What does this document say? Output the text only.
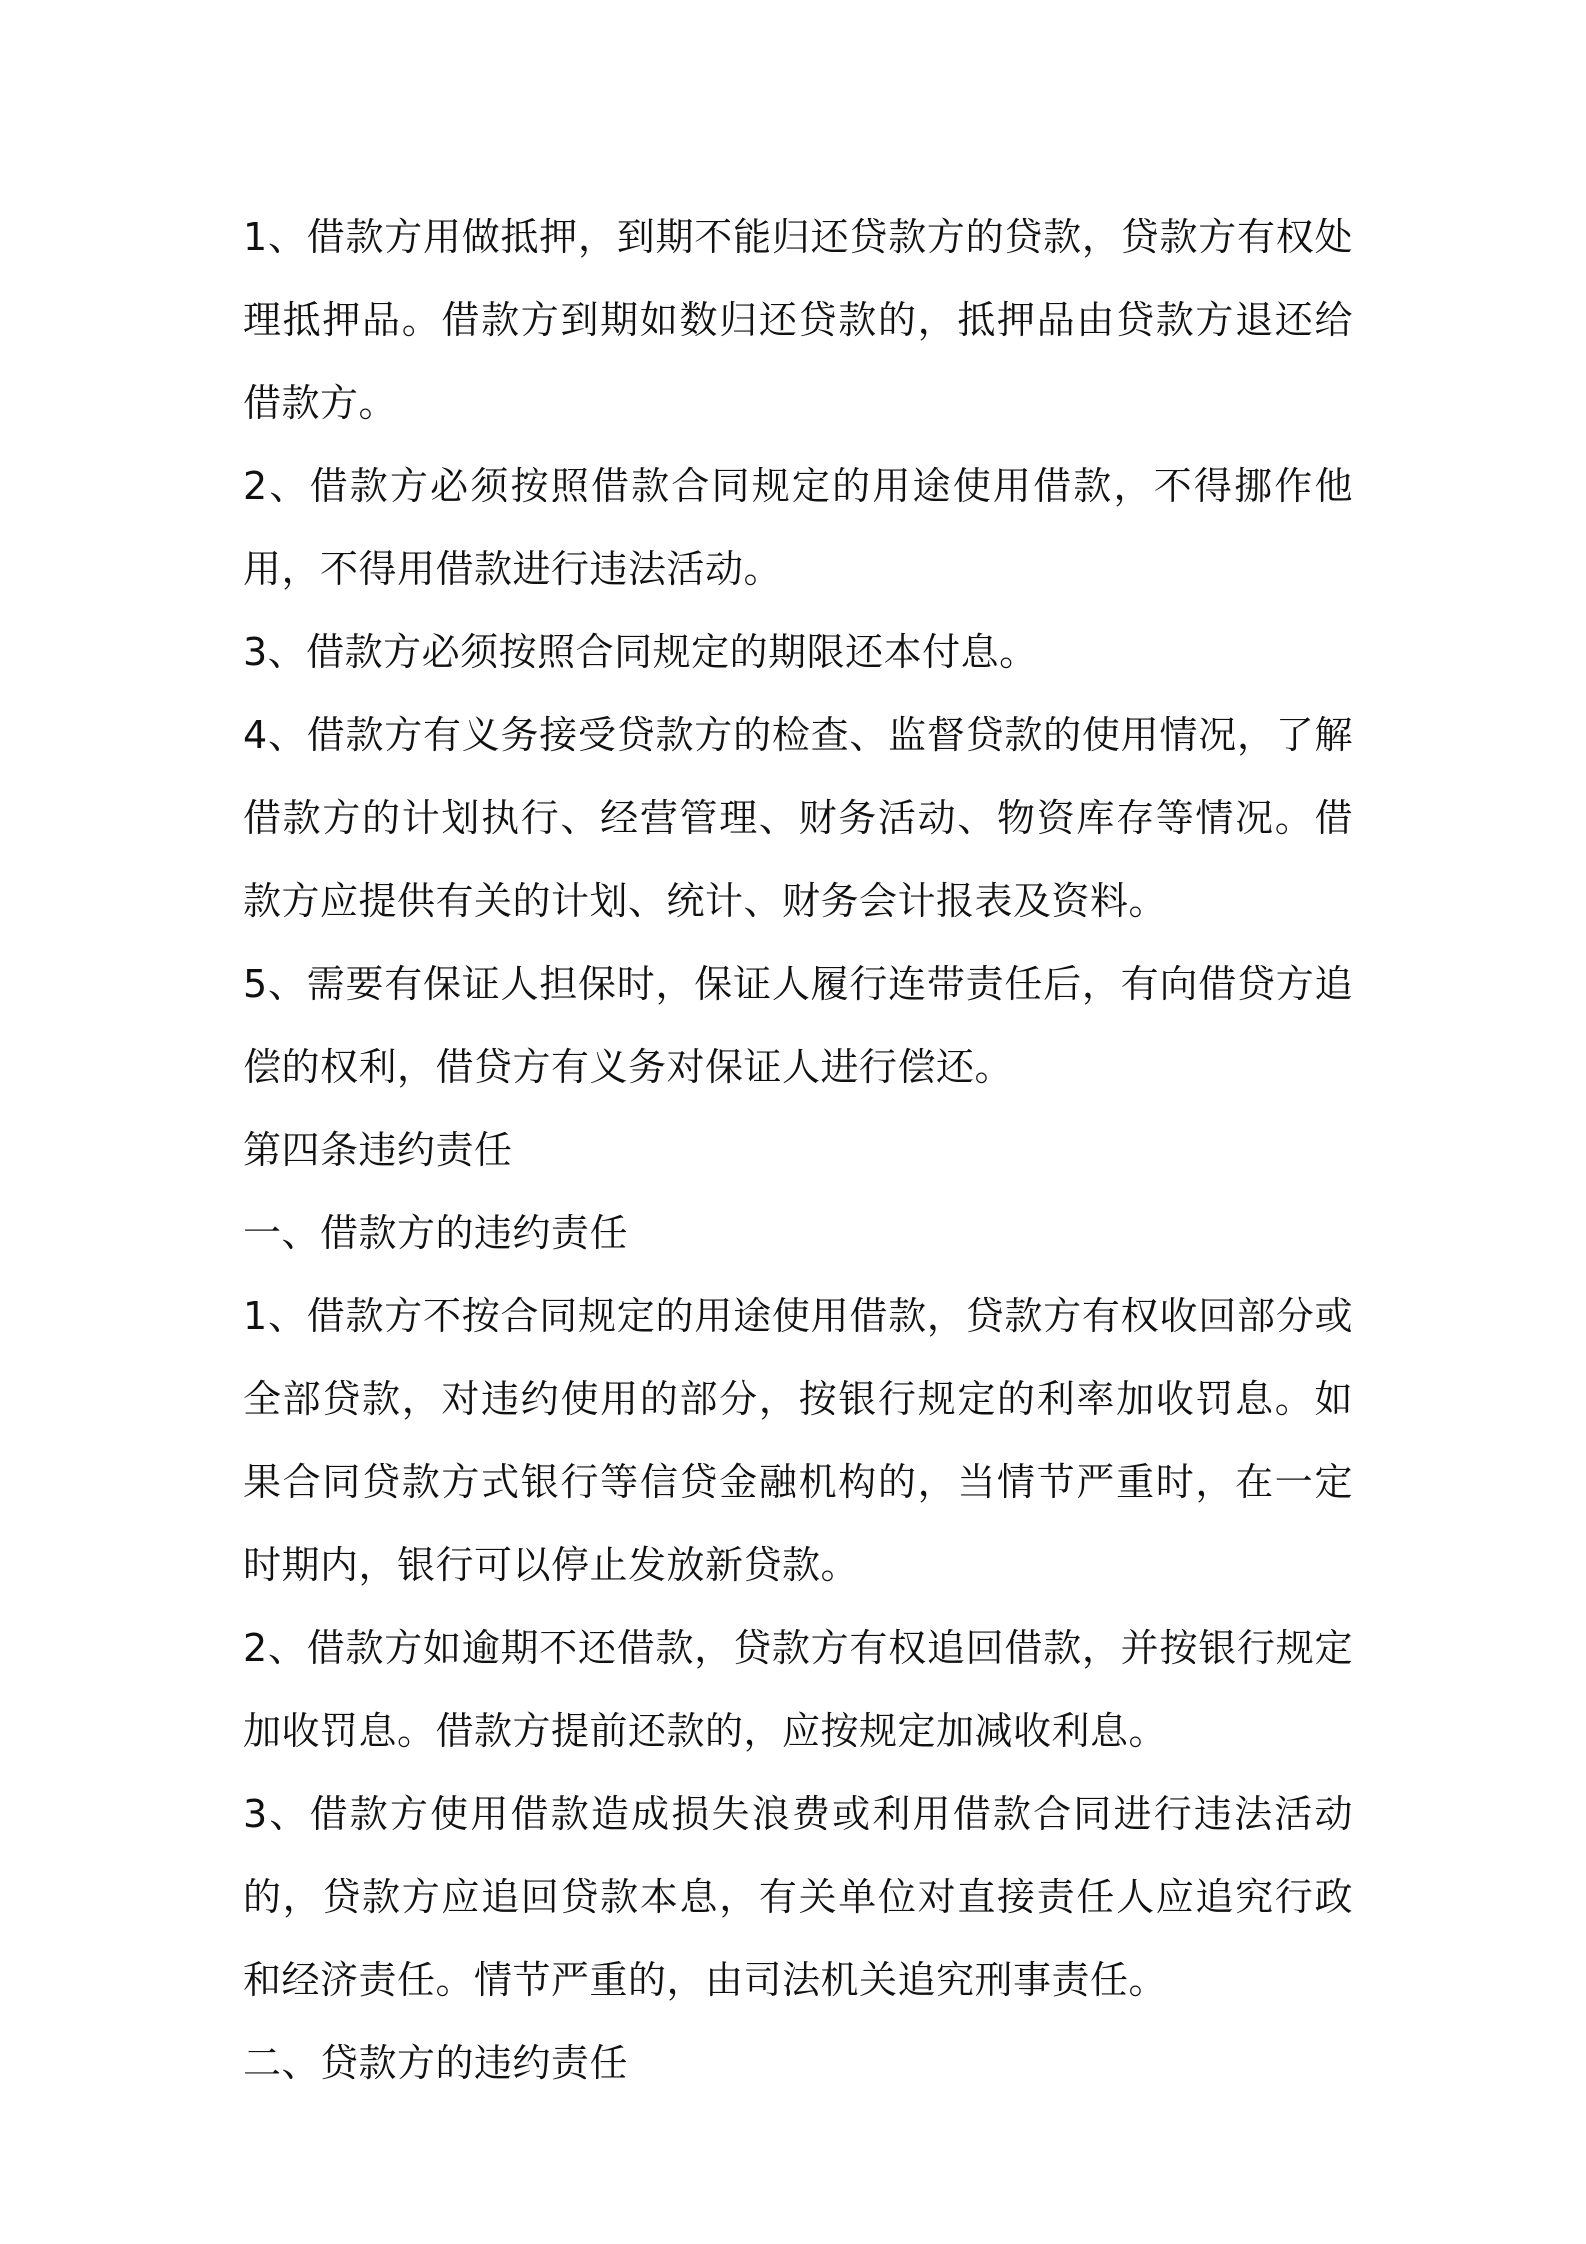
1、借款方用做抵押，到期不能归还贷款方的贷款，贷款方有权处理抵押品。借款方到期如数归还贷款的，抵押品由贷款方退还给借款方。

2、借款方必须按照借款合同规定的用途使用借款，不得挪作他用，不得用借款进行违法活动。

3、借款方必须按照合同规定的期限还本付息。

4、借款方有义务接受贷款方的检查、监督贷款的使用情况，了解借款方的计划执行、经营管理、财务活动、物资库存等情况。借款方应提供有关的计划、统计、财务会计报表及资料。

5、需要有保证人担保时，保证人履行连带责任后，有向借贷方追偿的权利，借贷方有义务对保证人进行偿还。

第四条违约责任

一、借款方的违约责任

1、借款方不按合同规定的用途使用借款，贷款方有权收回部分或全部贷款，对违约使用的部分，按银行规定的利率加收罚息。如果合同贷款方式银行等信贷金融机构的，当情节严重时，在一定时期内，银行可以停止发放新贷款。

2、借款方如逾期不还借款，贷款方有权追回借款，并按银行规定加收罚息。借款方提前还款的，应按规定加减收利息。

3、借款方使用借款造成损失浪费或利用借款合同进行违法活动的，贷款方应追回贷款本息，有关单位对直接责任人应追究行政和经济责任。情节严重的，由司法机关追究刑事责任。

二、贷款方的违约责任
